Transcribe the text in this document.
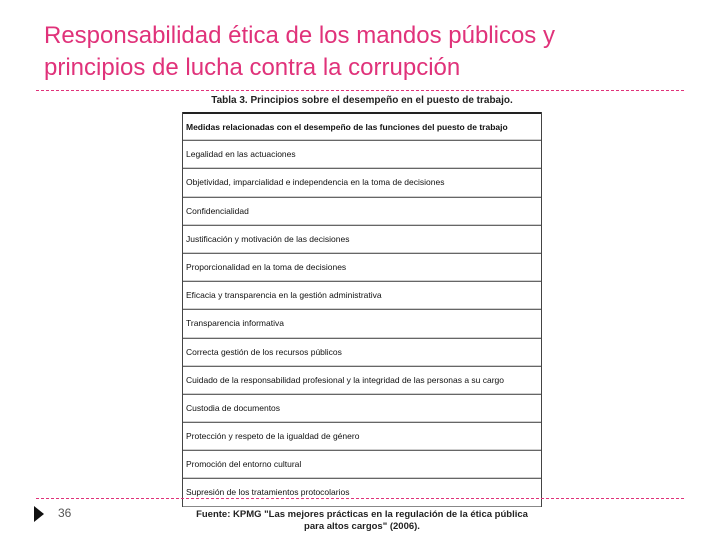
Responsabilidad ética de los mandos públicos y
principios de lucha contra la corrupción
Tabla 3. Principios sobre el desempeño en el puesto de trabajo.
Medidas relacionadas con el desempeño de las funciones del puesto de trabajo
Legalidad en las actuaciones
Objetividad, imparcialidad e independencia en la toma de decisiones
Confidencialidad
Justificación y motivación de las decisiones
Proporcionalidad en la toma de decisiones
Eficacia y transparencia en la gestión administrativa
Transparencia informativa
Correcta gestión de los recursos públicos
Cuidado de la responsabilidad profesional y la integridad de las personas a su cargo
Custodia de documentos
Protección y respeto de la igualdad de género
Promoción del entorno cultural
Supresión de los tratamientos protocolarios
36	Fuente: KPMG "Las mejores prácticas en la regulación de la ética pública
para altos cargos" (2006).
